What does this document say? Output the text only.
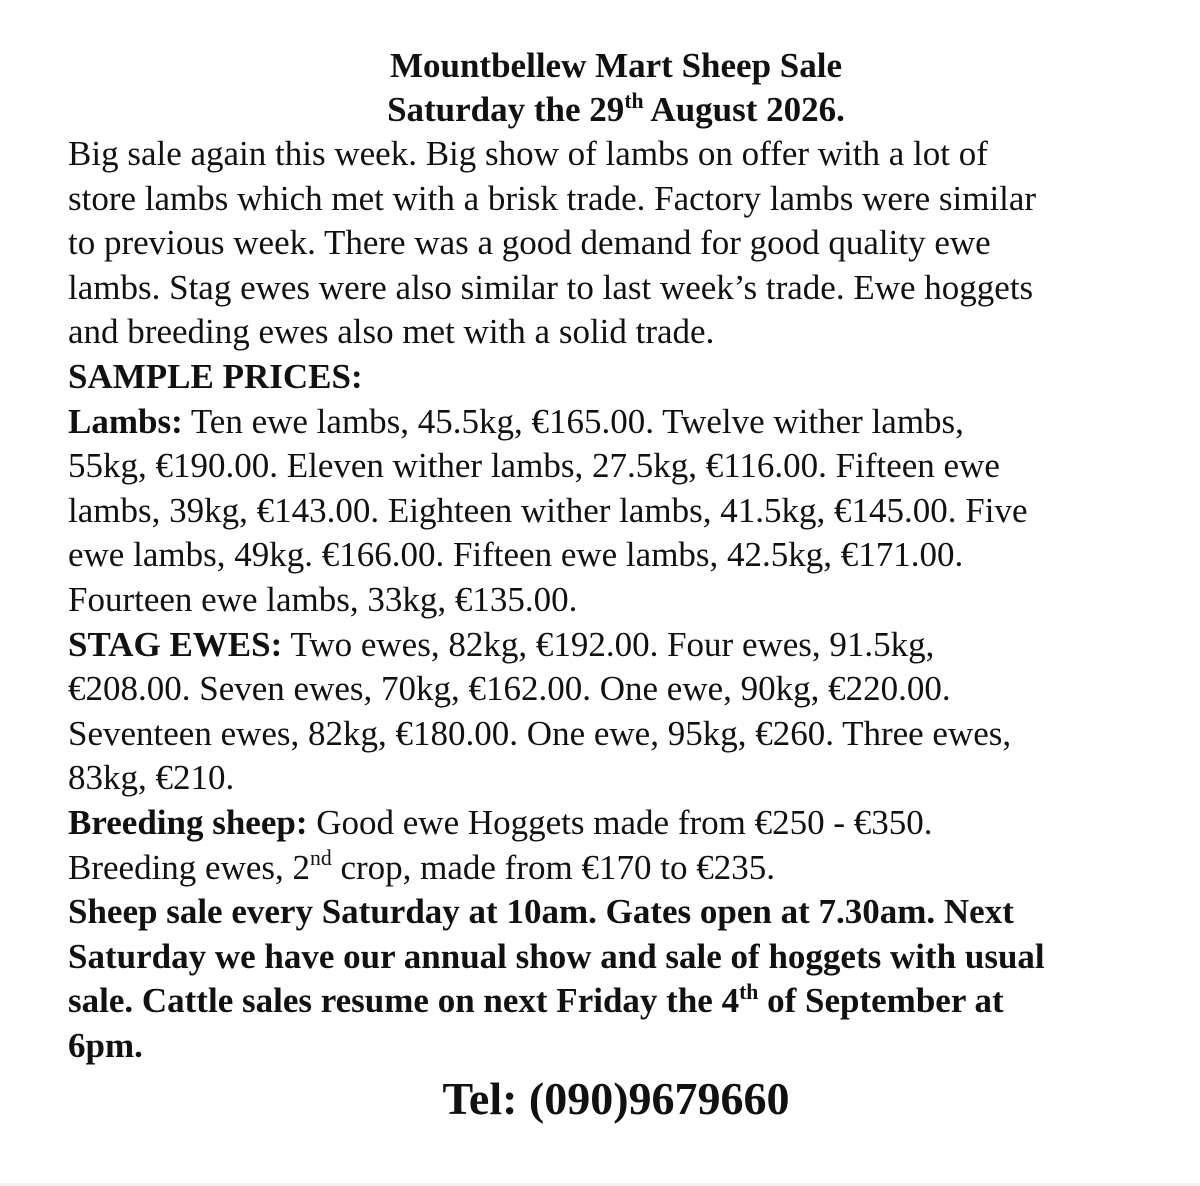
Mountbellew Mart Sheep Sale
Saturday the 29th August 2026.
Big sale again this week. Big show of lambs on offer with a lot of
store lambs which met with a brisk trade. Factory lambs were similar
to previous week. There was a good demand for good quality ewe
lambs. Stag ewes were also similar to last week’s trade. Ewe hoggets
and breeding ewes also met with a solid trade.
SAMPLE PRICES:
Lambs: Ten ewe lambs, 45.5kg, €165.00. Twelve wither lambs,
55kg, €190.00. Eleven wither lambs, 27.5kg, €116.00. Fifteen ewe
lambs, 39kg, €143.00. Eighteen wither lambs, 41.5kg, €145.00. Five
ewe lambs, 49kg. €166.00. Fifteen ewe lambs, 42.5kg, €171.00.
Fourteen ewe lambs, 33kg, €135.00.
STAG EWES: Two ewes, 82kg, €192.00. Four ewes, 91.5kg,
€208.00. Seven ewes, 70kg, €162.00. One ewe, 90kg, €220.00.
Seventeen ewes, 82kg, €180.00. One ewe, 95kg, €260. Three ewes,
83kg, €210.
Breeding sheep: Good ewe Hoggets made from €250 - €350.
Breeding ewes, 2nd crop, made from €170 to €235.
Sheep sale every Saturday at 10am. Gates open at 7.30am. Next
Saturday we have our annual show and sale of hoggets with usual
sale. Cattle sales resume on next Friday the 4th of September at
6pm.
Tel: (090)9679660
